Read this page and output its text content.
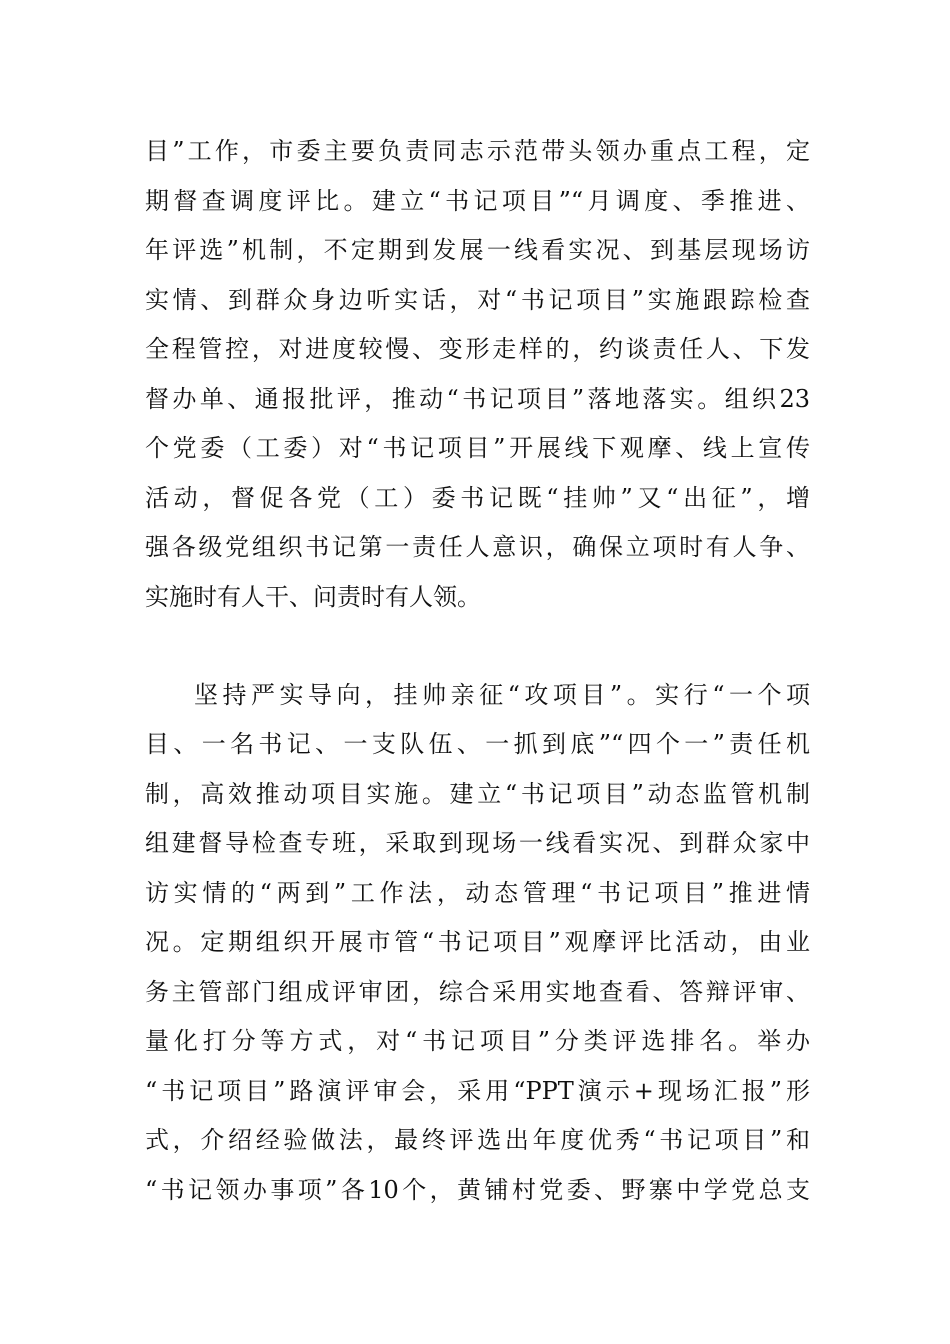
目”工作，市委主要负责同志示范带头领办重点工程，定
期督查调度评比。建立“书记项目”“月调度、季推进、
年评选”机制，不定期到发展一线看实况、到基层现场访
实情、到群众身边听实话，对“书记项目”实施跟踪检查
全程管控，对进度较慢、变形走样的，约谈责任人、下发
督办单、通报批评，推动“书记项目”落地落实。组织23
个党委（工委）对“书记项目”开展线下观摩、线上宣传
活动，督促各党（工）委书记既“挂帅”又“出征”，增
强各级党组织书记第一责任人意识，确保立项时有人争、
实施时有人干、问责时有人领。
坚持严实导向，挂帅亲征“攻项目”。实行“一个项
目、一名书记、一支队伍、一抓到底”“四个一”责任机
制，高效推动项目实施。建立“书记项目”动态监管机制
组建督导检查专班，采取到现场一线看实况、到群众家中
访实情的“两到”工作法，动态管理“书记项目”推进情
况。定期组织开展市管“书记项目”观摩评比活动，由业
务主管部门组成评审团，综合采用实地查看、答辩评审、
量化打分等方式，对“书记项目”分类评选排名。举办
“书记项目”路演评审会，采用“PPT演示+现场汇报”形
式，介绍经验做法，最终评选出年度优秀“书记项目”和
“书记领办事项”各10个，黄铺村党委、野寨中学党总支
